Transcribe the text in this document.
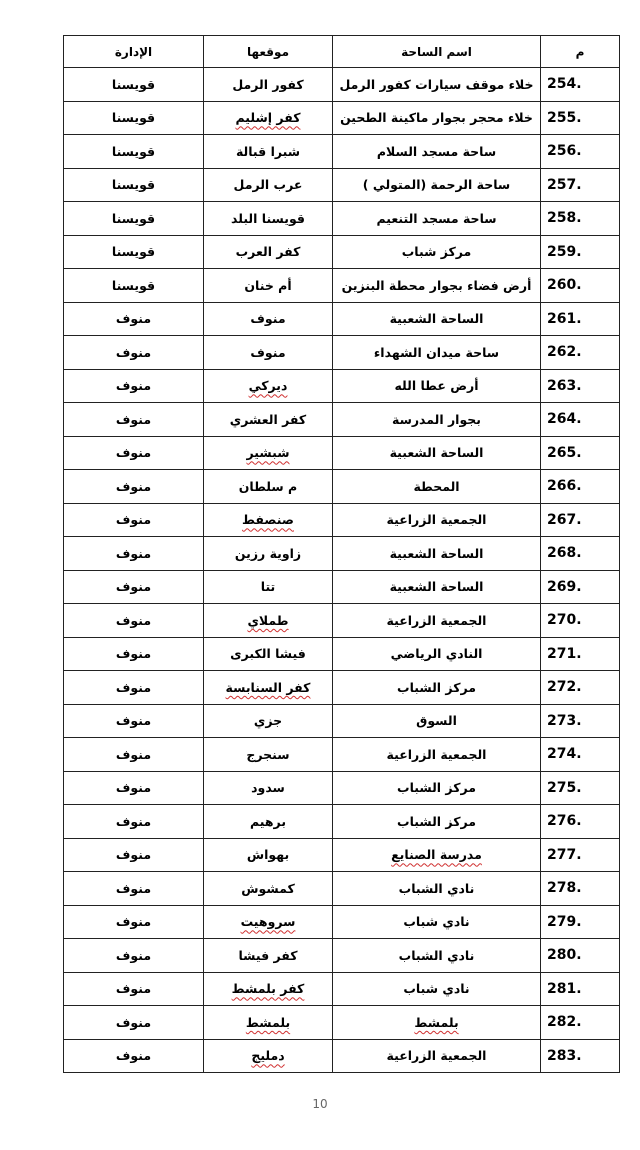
م	اسم الساحة	موقعها	الإدارة
254.	خلاء موقف سيارات كفور الرمل	كفور الرمل	قويسنا
255.	خلاء محجر بجوار ماكينة الطحين	كفر إشليم	قويسنا
256.	ساحة مسجد السلام	شبرا قبالة	قويسنا
257.	ساحة الرحمة (المتولي )	عرب الرمل	قويسنا
258.	ساحة مسجد التنعيم	قويسنا البلد	قويسنا
259.	مركز شباب	كفر العرب	قويسنا
260.	أرض فضاء بجوار محطة البنزين	أم خنان	قويسنا
261.	الساحة الشعبية	منوف	منوف
262.	ساحة ميدان الشهداء	منوف	منوف
263.	أرض عطا الله	ديركي	منوف
264.	بجوار المدرسة	كفر العشري	منوف
265.	الساحة الشعبية	شبشير	منوف
266.	المحطة	م سلطان	منوف
267.	الجمعية الزراعية	صنصفط	منوف
268.	الساحة الشعبية	زاوية رزين	منوف
269.	الساحة الشعبية	تتا	منوف
270.	الجمعية الزراعية	طملاي	منوف
271.	النادي الرياضي	فيشا الكبرى	منوف
272.	مركز الشباب	كفر السنابسة	منوف
273.	السوق	جزي	منوف
274.	الجمعية الزراعية	سنجرج	منوف
275.	مركز الشباب	سدود	منوف
276.	مركز الشباب	برهيم	منوف
277.	مدرسة الصنايع	بهواش	منوف
278.	نادي الشباب	كمشوش	منوف
279.	نادي شباب	سروهيت	منوف
280.	نادي الشباب	كفر فيشا	منوف
281.	نادي شباب	كفر بلمشط	منوف
282.	بلمشط	بلمشط	منوف
283.	الجمعية الزراعية	دمليج	منوف
10
